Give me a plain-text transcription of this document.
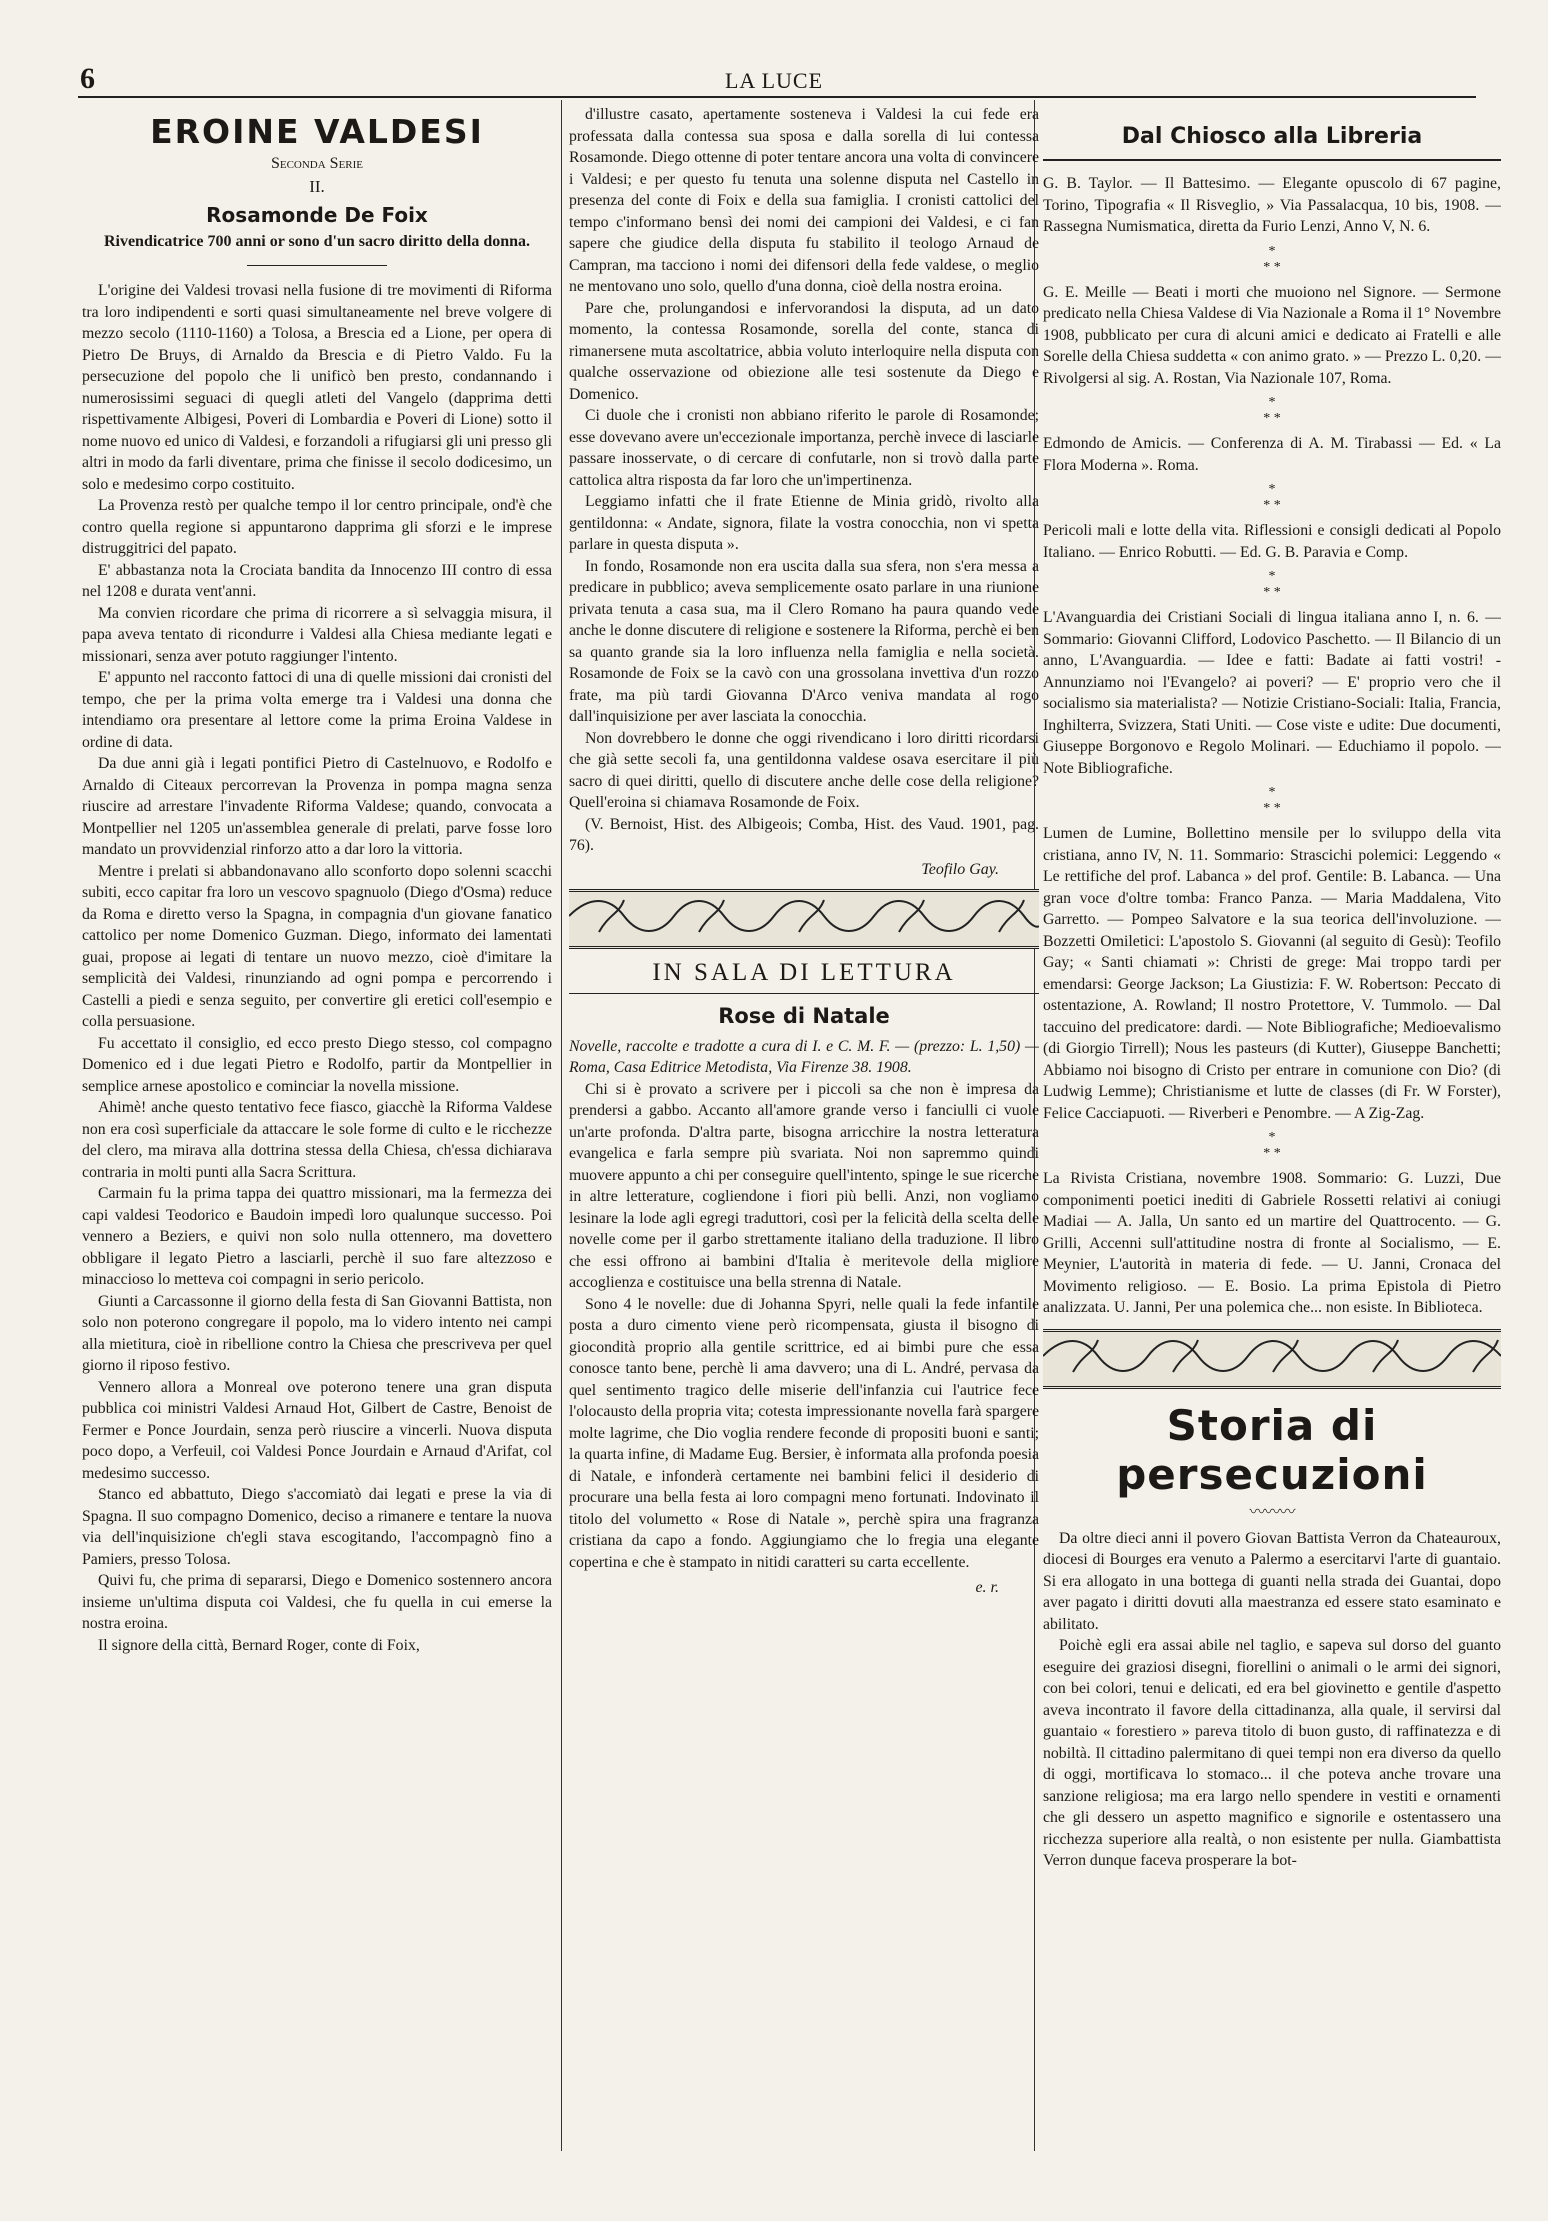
6	LA LUCE
EROINE VALDESI
Seconda Serie
II.
Rosamonde De Foix
Rivendicatrice 700 anni or sono d'un sacro diritto della donna.

L'origine dei Valdesi trovasi nella fusione di tre movimenti di Riforma tra loro indipendenti e sorti quasi simultaneamente nel breve volgere di mezzo secolo (1110-1160) a Tolosa, a Brescia ed a Lione, per opera di Pietro De Bruys, di Arnaldo da Brescia e di Pietro Valdo. Fu la persecuzione del popolo che li unificò ben presto, condannando i numerosissimi seguaci di quegli atleti del Vangelo (dapprima detti rispettivamente Albigesi, Poveri di Lombardia e Poveri di Lione) sotto il nome nuovo ed unico di Valdesi, e forzandoli a rifugiarsi gli uni presso gli altri in modo da farli diventare, prima che finisse il secolo dodicesimo, un solo e medesimo corpo costituito.

La Provenza restò per qualche tempo il lor centro principale, ond'è che contro quella regione si appuntarono dapprima gli sforzi e le imprese distruggitrici del papato.

E' abbastanza nota la Crociata bandita da Innocenzo III contro di essa nel 1208 e durata vent'anni.

Ma convien ricordare che prima di ricorrere a sì selvaggia misura, il papa aveva tentato di ricondurre i Valdesi alla Chiesa mediante legati e missionari, senza aver potuto raggiunger l'intento.

E' appunto nel racconto fattoci di una di quelle missioni dai cronisti del tempo, che per la prima volta emerge tra i Valdesi una donna che intendiamo ora presentare al lettore come la prima Eroina Valdese in ordine di data.

Da due anni già i legati pontifici Pietro di Castelnuovo, e Rodolfo e Arnaldo di Citeaux percorrevan la Provenza in pompa magna senza riuscire ad arrestare l'invadente Riforma Valdese; quando, convocata a Montpellier nel 1205 un'assemblea generale di prelati, parve fosse loro mandato un provvidenzial rinforzo atto a dar loro la vittoria.

Mentre i prelati si abbandonavano allo sconforto dopo solenni scacchi subiti, ecco capitar fra loro un vescovo spagnuolo (Diego d'Osma) reduce da Roma e diretto verso la Spagna, in compagnia d'un giovane fanatico cattolico per nome Domenico Guzman. Diego, informato dei lamentati guai, propose ai legati di tentare un nuovo mezzo, cioè d'imitare la semplicità dei Valdesi, rinunziando ad ogni pompa e percorrendo i Castelli a piedi e senza seguito, per convertire gli eretici coll'esempio e colla persuasione.

Fu accettato il consiglio, ed ecco presto Diego stesso, col compagno Domenico ed i due legati Pietro e Rodolfo, partir da Montpellier in semplice arnese apostolico e cominciar la novella missione.

Ahimè! anche questo tentativo fece fiasco, giacchè la Riforma Valdese non era così superficiale da attaccare le sole forme di culto e le ricchezze del clero, ma mirava alla dottrina stessa della Chiesa, ch'essa dichiarava contraria in molti punti alla Sacra Scrittura.

Carmain fu la prima tappa dei quattro missionari, ma la fermezza dei capi valdesi Teodorico e Baudoin impedì loro qualunque successo. Poi vennero a Beziers, e quivi non solo nulla ottennero, ma dovettero obbligare il legato Pietro a lasciarli, perchè il suo fare altezzoso e minaccioso lo metteva coi compagni in serio pericolo.

Giunti a Carcassonne il giorno della festa di San Giovanni Battista, non solo non poterono congregare il popolo, ma lo videro intento nei campi alla mietitura, cioè in ribellione contro la Chiesa che prescriveva per quel giorno il riposo festivo.

Vennero allora a Monreal ove poterono tenere una gran disputa pubblica coi ministri Valdesi Arnaud Hot, Gilbert de Castre, Benoist de Fermer e Ponce Jourdain, senza però riuscire a vincerli. Nuova disputa poco dopo, a Verfeuil, coi Valdesi Ponce Jourdain e Arnaud d'Arifat, col medesimo successo.

Stanco ed abbattuto, Diego s'accomiatò dai legati e prese la via di Spagna. Il suo compagno Domenico, deciso a rimanere e tentare la nuova via dell'inquisizione ch'egli stava escogitando, l'accompagnò fino a Pamiers, presso Tolosa.

Quivi fu, che prima di separarsi, Diego e Domenico sostennero ancora insieme un'ultima disputa coi Valdesi, che fu quella in cui emerse la nostra eroina.

Il signore della città, Bernard Roger, conte di Foix,

d'illustre casato, apertamente sosteneva i Valdesi la cui fede era professata dalla contessa sua sposa e dalla sorella di lui contessa Rosamonde. Diego ottenne di poter tentare ancora una volta di convincere i Valdesi; e per questo fu tenuta una solenne disputa nel Castello in presenza del conte di Foix e della sua famiglia. I cronisti cattolici del tempo c'informano bensì dei nomi dei campioni dei Valdesi, e ci fan sapere che giudice della disputa fu stabilito il teologo Arnaud de Campran, ma tacciono i nomi dei difensori della fede valdese, o meglio ne mentovano uno solo, quello d'una donna, cioè della nostra eroina.

Pare che, prolungandosi e infervorandosi la disputa, ad un dato momento, la contessa Rosamonde, sorella del conte, stanca di rimanersene muta ascoltatrice, abbia voluto interloquire nella disputa con qualche osservazione od obiezione alle tesi sostenute da Diego e Domenico.

Ci duole che i cronisti non abbiano riferito le parole di Rosamonde; esse dovevano avere un'eccezionale importanza, perchè invece di lasciarle passare inosservate, o di cercare di confutarle, non si trovò dalla parte cattolica altra risposta da far loro che un'impertinenza.

Leggiamo infatti che il frate Etienne de Minia gridò, rivolto alla gentildonna: « Andate, signora, filate la vostra conocchia, non vi spetta parlare in questa disputa ».

In fondo, Rosamonde non era uscita dalla sua sfera, non s'era messa a predicare in pubblico; aveva semplicemente osato parlare in una riunione privata tenuta a casa sua, ma il Clero Romano ha paura quando vede anche le donne discutere di religione e sostenere la Riforma, perchè ei ben sa quanto grande sia la loro influenza nella famiglia e nella società. Rosamonde de Foix se la cavò con una grossolana invettiva d'un rozzo frate, ma più tardi Giovanna D'Arco veniva mandata al rogo dall'inquisizione per aver lasciata la conocchia.

Non dovrebbero le donne che oggi rivendicano i loro diritti ricordarsi che già sette secoli fa, una gentildonna valdese osava esercitare il più sacro di quei diritti, quello di discutere anche delle cose della religione? Quell'eroina si chiamava Rosamonde de Foix.

(V. Bernoist, Hist. des Albigeois; Comba, Hist. des Vaud. 1901, pag. 76).

Teofilo Gay.
IN SALA DI LETTURA
Rose di Natale

Novelle, raccolte e tradotte a cura di I. e C. M. F. — (prezzo: L. 1,50) — Roma, Casa Editrice Metodista, Via Firenze 38. 1908.

Chi si è provato a scrivere per i piccoli sa che non è impresa da prendersi a gabbo. Accanto all'amore grande verso i fanciulli ci vuole un'arte profonda. D'altra parte, bisogna arricchire la nostra letteratura evangelica e farla sempre più svariata. Noi non sapremmo quindi muovere appunto a chi per conseguire quell'intento, spinge le sue ricerche in altre letterature, cogliendone i fiori più belli. Anzi, non vogliamo lesinare la lode agli egregi traduttori, così per la felicità della scelta delle novelle come per il garbo strettamente italiano della traduzione. Il libro che essi offrono ai bambini d'Italia è meritevole della migliore accoglienza e costituisce una bella strenna di Natale.

Sono 4 le novelle: due di Johanna Spyri, nelle quali la fede infantile posta a duro cimento viene però ricompensata, giusta il bisogno di giocondità proprio alla gentile scrittrice, ed ai bimbi pure che essa conosce tanto bene, perchè li ama davvero; una di L. André, pervasa da quel sentimento tragico delle miserie dell'infanzia cui l'autrice fece l'olocausto della propria vita; cotesta impressionante novella farà spargere molte lagrime, che Dio voglia rendere feconde di propositi buoni e santi; la quarta infine, di Madame Eug. Bersier, è informata alla profonda poesia di Natale, e infonderà certamente nei bambini felici il desiderio di procurare una bella festa ai loro compagni meno fortunati. Indovinato il titolo del volumetto « Rose di Natale », perchè spira una fragranza cristiana da capo a fondo. Aggiungiamo che lo fregia una elegante copertina e che è stampato in nitidi caratteri su carta eccellente.

e. r.
Dal Chiosco alla Libreria

G. B. Taylor. — Il Battesimo. — Elegante opuscolo di 67 pagine, Torino, Tipografia « Il Risveglio, » Via Passalacqua, 10 bis, 1908. — Rassegna Numismatica, diretta da Furio Lenzi, Anno V, N. 6.

*
* *

G. E. Meille — Beati i morti che muoiono nel Signore. — Sermone predicato nella Chiesa Valdese di Via Nazionale a Roma il 1° Novembre 1908, pubblicato per cura di alcuni amici e dedicato ai Fratelli e alle Sorelle della Chiesa suddetta « con animo grato. » — Prezzo L. 0,20. — Rivolgersi al sig. A. Rostan, Via Nazionale 107, Roma.

*
* *

Edmondo de Amicis. — Conferenza di A. M. Tirabassi — Ed. « La Flora Moderna ». Roma.

*
* *

Pericoli mali e lotte della vita. Riflessioni e consigli dedicati al Popolo Italiano. — Enrico Robutti. — Ed. G. B. Paravia e Comp.

*
* *

L'Avanguardia dei Cristiani Sociali di lingua italiana anno I, n. 6. — Sommario: Giovanni Clifford, Lodovico Paschetto. — Il Bilancio di un anno, L'Avanguardia. — Idee e fatti: Badate ai fatti vostri! - Annunziamo noi l'Evangelo? ai poveri? — E' proprio vero che il socialismo sia materialista? — Notizie Cristiano-Sociali: Italia, Francia, Inghilterra, Svizzera, Stati Uniti. — Cose viste e udite: Due documenti, Giuseppe Borgonovo e Regolo Molinari. — Educhiamo il popolo. — Note Bibliografiche.

*
* *

Lumen de Lumine, Bollettino mensile per lo sviluppo della vita cristiana, anno IV, N. 11. Sommario: Strascichi polemici: Leggendo « Le rettifiche del prof. Labanca » del prof. Gentile: B. Labanca. — Una gran voce d'oltre tomba: Franco Panza. — Maria Maddalena, Vito Garretto. — Pompeo Salvatore e la sua teorica dell'involuzione. — Bozzetti Omiletici: L'apostolo S. Giovanni (al seguito di Gesù): Teofilo Gay; « Santi chiamati »: Christi de grege: Mai troppo tardi per emendarsi: George Jackson; La Giustizia: F. W. Robertson: Peccato di ostentazione, A. Rowland; Il nostro Protettore, V. Tummolo. — Dal taccuino del predicatore: dardi. — Note Bibliografiche; Medioevalismo (di Giorgio Tirrell); Nous les pasteurs (di Kutter), Giuseppe Banchetti; Abbiamo noi bisogno di Cristo per entrare in comunione con Dio? (di Ludwig Lemme); Christianisme et lutte de classes (di Fr. W Forster), Felice Cacciapuoti. — Riverberi e Penombre. — A Zig-Zag.

*
* *

La Rivista Cristiana, novembre 1908. Sommario: G. Luzzi, Due componimenti poetici inediti di Gabriele Rossetti relativi ai coniugi Madiai — A. Jalla, Un santo ed un martire del Quattrocento. — G. Grilli, Accenni sull'attitudine nostra di fronte al Socialismo, — E. Meynier, L'autorità in materia di fede. — U. Janni, Cronaca del Movimento religioso. — E. Bosio. La prima Epistola di Pietro analizzata. U. Janni, Per una polemica che... non esiste. In Biblioteca.

Storia di persecuzioni
〰〰〰

Da oltre dieci anni il povero Giovan Battista Verron da Chateauroux, diocesi di Bourges era venuto a Palermo a esercitarvi l'arte di guantaio. Si era allogato in una bottega di guanti nella strada dei Guantai, dopo aver pagato i diritti dovuti alla maestranza ed essere stato esaminato e abilitato.

Poichè egli era assai abile nel taglio, e sapeva sul dorso del guanto eseguire dei graziosi disegni, fiorellini o animali o le armi dei signori, con bei colori, tenui e delicati, ed era bel giovinetto e gentile d'aspetto aveva incontrato il favore della cittadinanza, alla quale, il servirsi dal guantaio « forestiero » pareva titolo di buon gusto, di raffinatezza e di nobiltà. Il cittadino palermitano di quei tempi non era diverso da quello di oggi, mortificava lo stomaco... il che poteva anche trovare una sanzione religiosa; ma era largo nello spendere in vestiti e ornamenti che gli dessero un aspetto magnifico e signorile e ostentassero una ricchezza superiore alla realtà, o non esistente per nulla. Giambattista Verron dunque faceva prosperare la bot-
